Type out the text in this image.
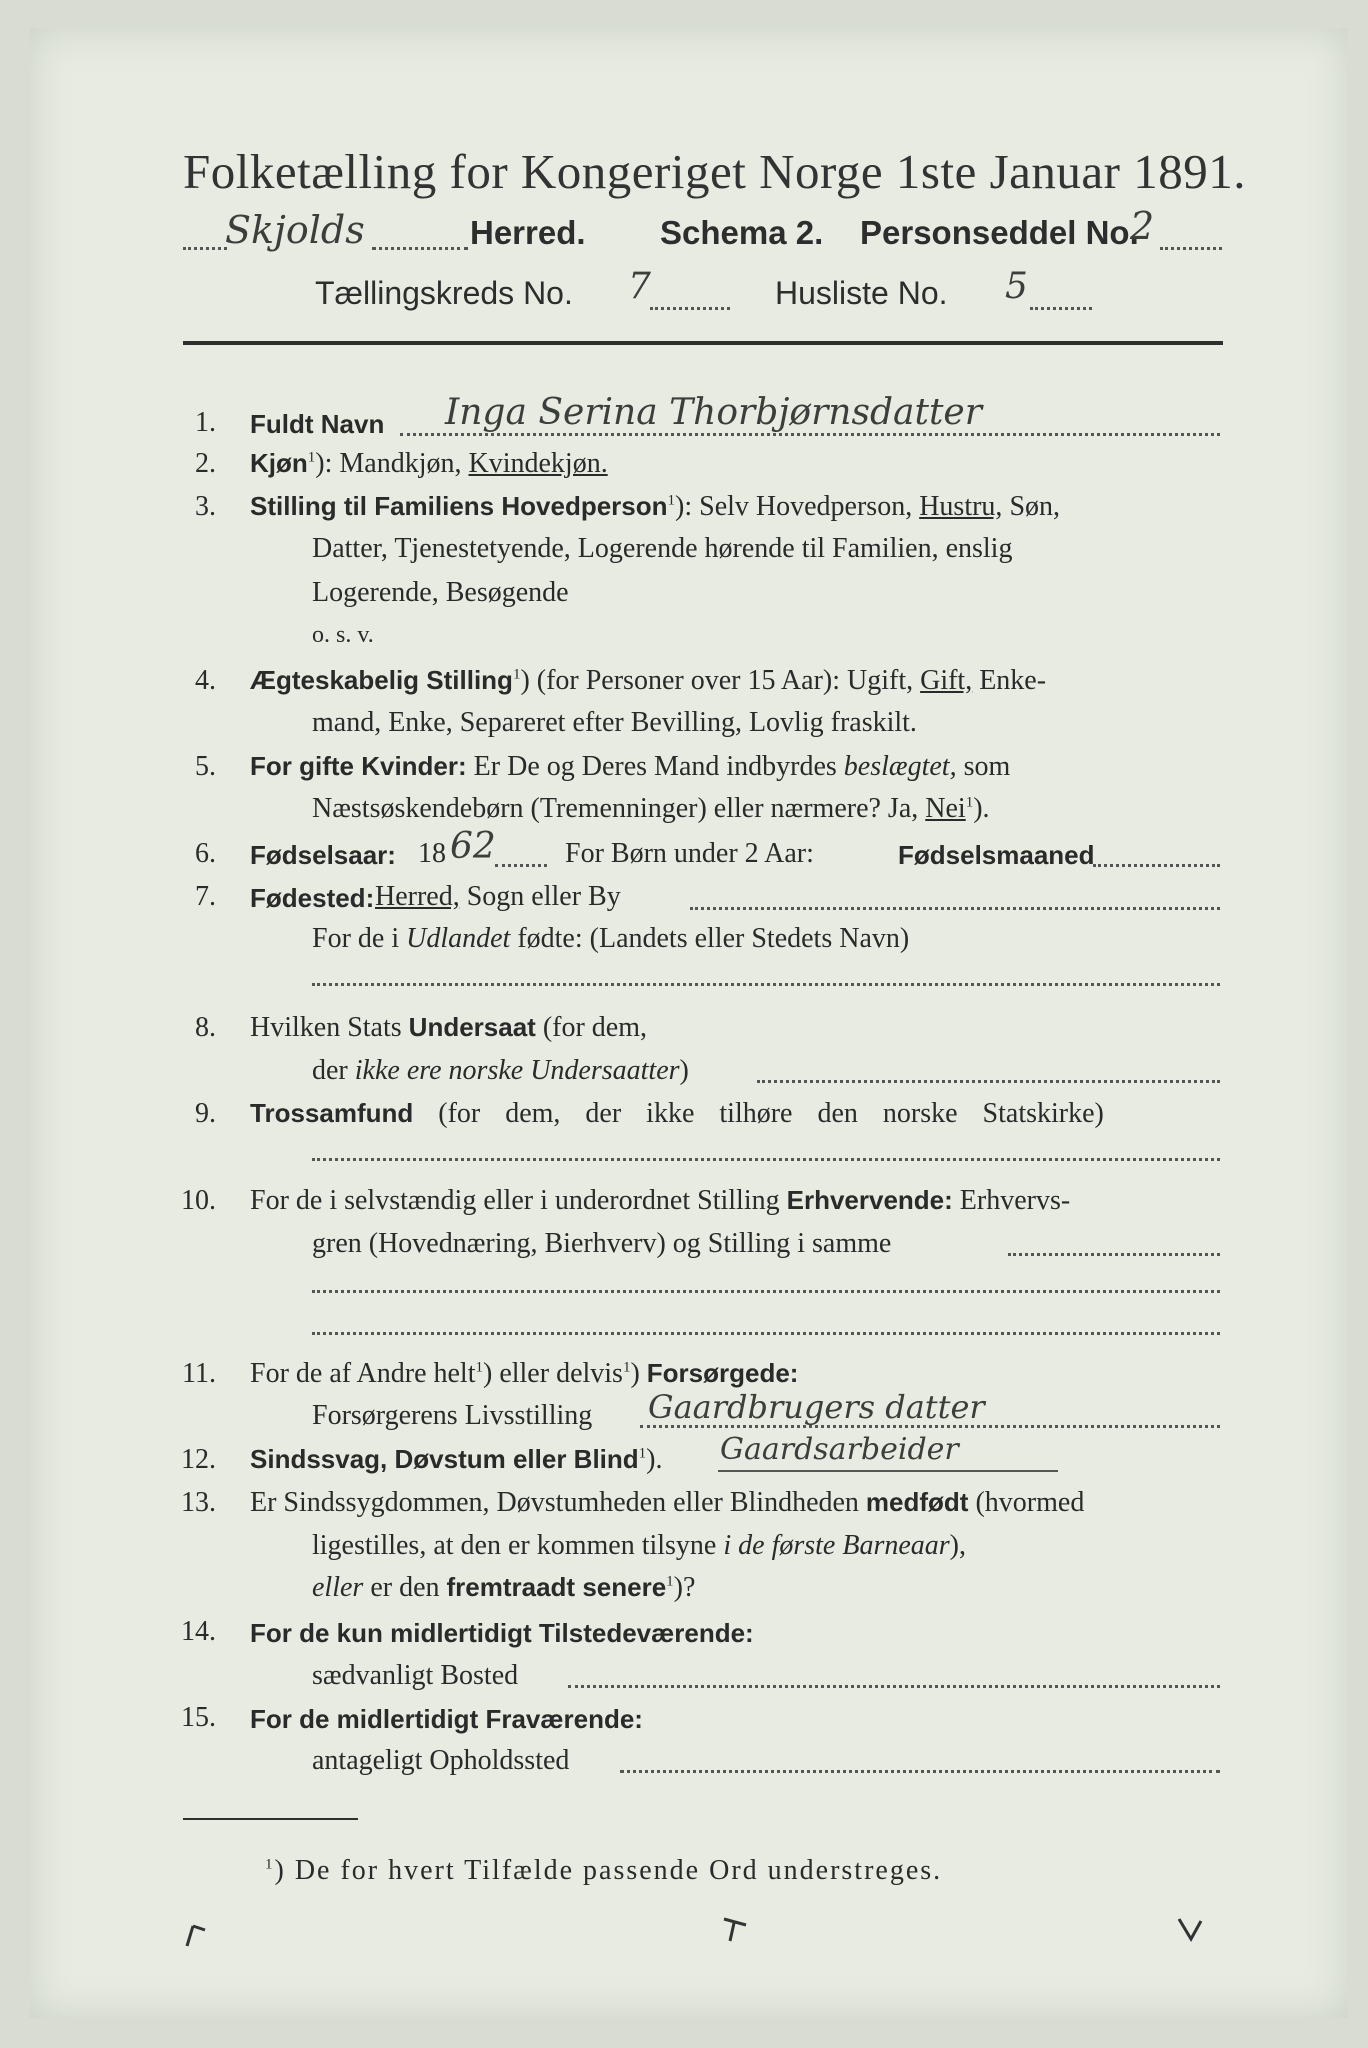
Folketælling for Kongeriget Norge 1ste Januar 1891.
Skjolds	Herred. Schema 2. Personseddel No.
2
Tællingskreds No. 7	Husliste No. 5
1. Fuldt Navn Inga Serina Thorbjørnsdatter
2. Kjøn$^1$): Mandkjøn, Kvindekjøn.
3. Stilling til Familiens Hovedperson$^1$): Selv Hovedperson, Hustru, Søn,
Datter, Tjenestetyende, Logerende hørende til Familien, enslig
Logerende, Besøgende
o. s. v.
4. Ægteskabelig Stilling$^1$) (for Personer over 15 Aar): Ugift, Gift, Enke-
mand, Enke, Separeret efter Bevilling, Lovlig fraskilt.
5. For gifte Kvinder: Er De og Deres Mand indbyrdes beslægtet, som
Næstsøskendebørn (Tremenninger) eller nærmere? Ja, Nei$^1$).
6. Fødselsaar: 18 62 For Børn under 2 Aar:	Fødselsmaaned
7. Fødested: Herred, Sogn eller By
For de i Udlandet fødte: (Landets eller Stedets Navn)
8. Hvilken Stats Undersaat (for dem,
der ikke ere norske Undersaatter)
9. Trossamfund (for dem, der ikke tilhøre den norske Statskirke)
10. For de i selvstændig eller i underordnet Stilling Erhvervende: Erhvervs-
gren (Hovednæring, Bierhverv) og Stilling i samme
11. For de af Andre helt$^1$) eller delvis$^1$) Forsørgede:
Forsørgerens Livsstilling Gaardbrugers datter
12. Sindssvag, Døvstum eller Blind$^1$). Gaardsarbeider
13. Er Sindssygdommen, Døvstumheden eller Blindheden medfødt (hvormed
ligestilles, at den er kommen tilsyne i de første Barneaar),
eller er den fremtraadt senere$^1$)?
14. For de kun midlertidigt Tilstedeværende:
sædvanligt Bosted
15. For de midlertidigt Fraværende:
antageligt Opholdssted
$^1$) De for hvert Tilfælde passende Ord understreges.
